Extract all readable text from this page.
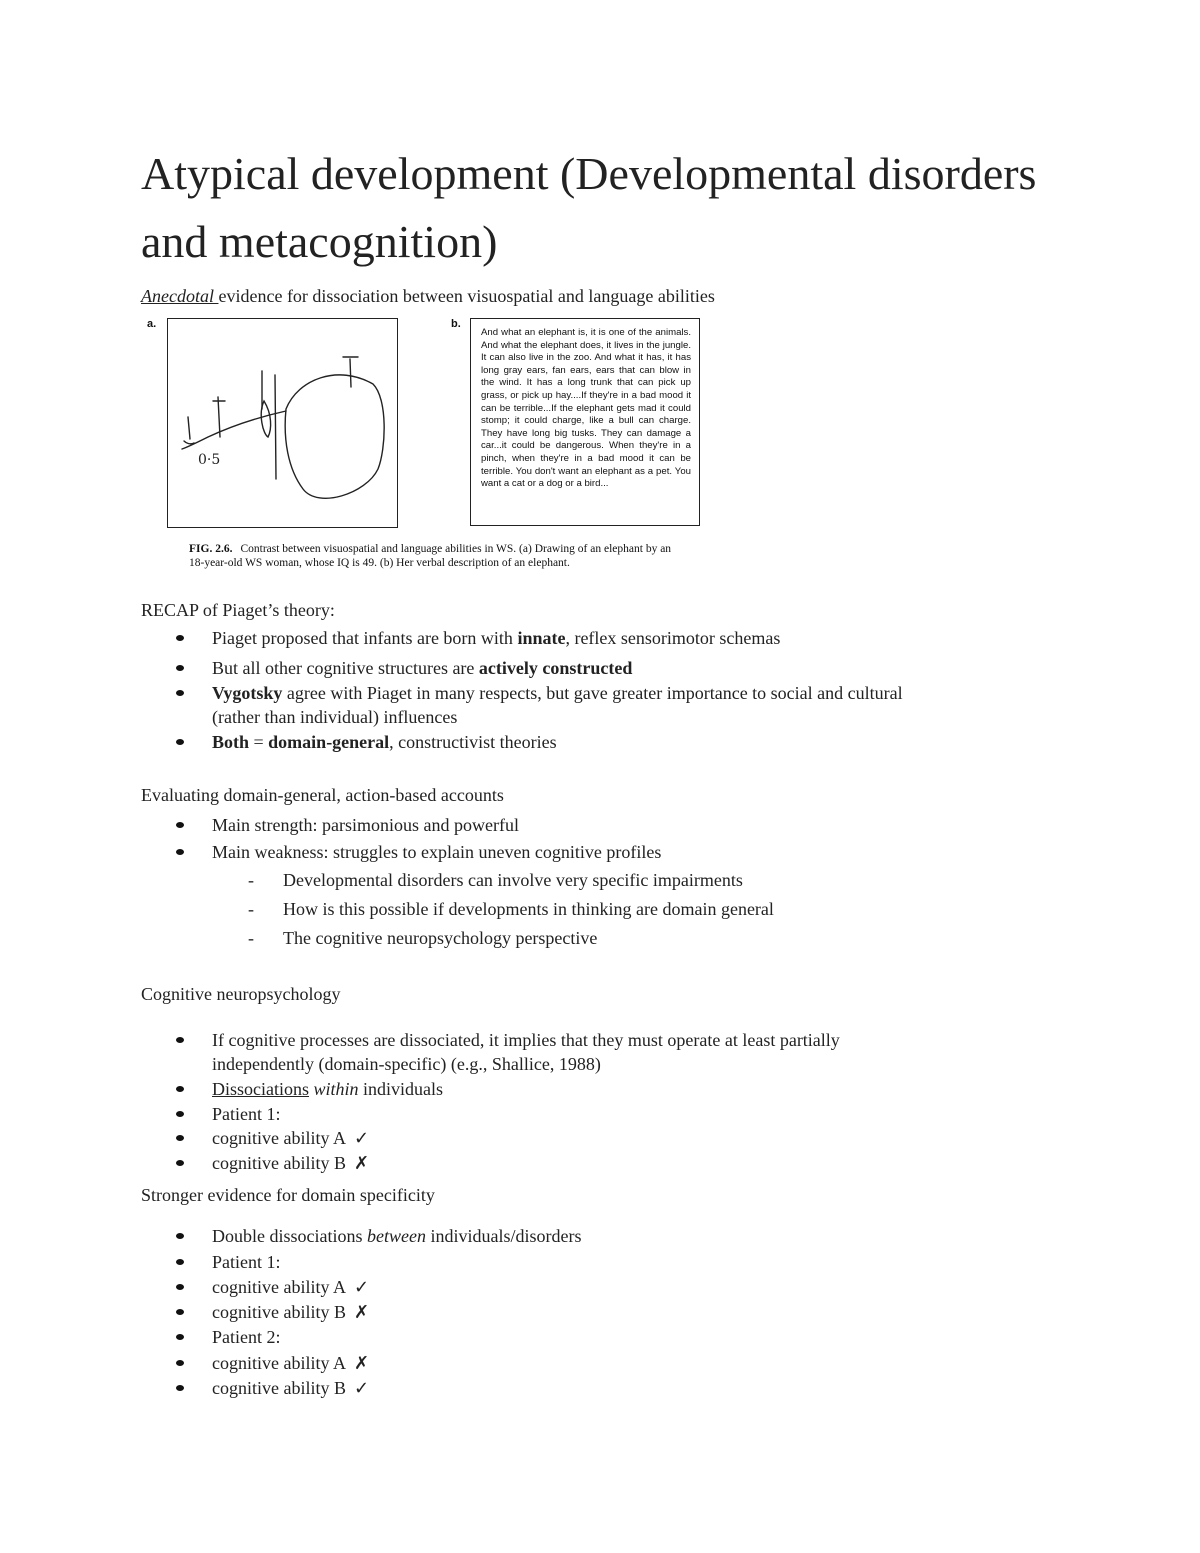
Atypical development (Developmental disorders and metacognition)
Anecdotal evidence for dissociation between visuospatial and language abilities
a.
0·5
b.
And what an elephant is, it is one of the animals. And what the elephant does, it lives in the jungle. It can also live in the zoo. And what it has, it has long gray ears, fan ears, ears that can blow in the wind. It has a long trunk that can pick up grass, or pick up hay....If they're in a bad mood it can be terrible...If the elephant gets mad it could stomp; it could charge, like a bull can charge. They have long big tusks. They can damage a car...it could be dangerous. When they're in a pinch, when they're in a bad mood it can be terrible. You don't want an elephant as a pet. You want a cat or a dog or a bird...
FIG. 2.6. Contrast between visuospatial and language abilities in WS. (a) Drawing of an elephant by an 18-year-old WS woman, whose IQ is 49. (b) Her verbal description of an elephant.
RECAP of Piaget’s theory:
Piaget proposed that infants are born with innate, reflex sensorimotor schemas
But all other cognitive structures are actively constructed
Vygotsky agree with Piaget in many respects, but gave greater importance to social and cultural
(rather than individual) influences
Both = domain-general, constructivist theories
Evaluating domain-general, action-based accounts
Main strength: parsimonious and powerful
Main weakness: struggles to explain uneven cognitive profiles
- Developmental disorders can involve very specific impairments
- How is this possible if developments in thinking are domain general
- The cognitive neuropsychology perspective
Cognitive neuropsychology
If cognitive processes are dissociated, it implies that they must operate at least partially
independently (domain-specific) (e.g., Shallice, 1988)
Dissociations within individuals
Patient 1:
cognitive ability A ✓
cognitive ability B ✗
Stronger evidence for domain specificity
Double dissociations between individuals/disorders
Patient 1:
cognitive ability A ✓
cognitive ability B ✗
Patient 2:
cognitive ability A ✗
cognitive ability B ✓
